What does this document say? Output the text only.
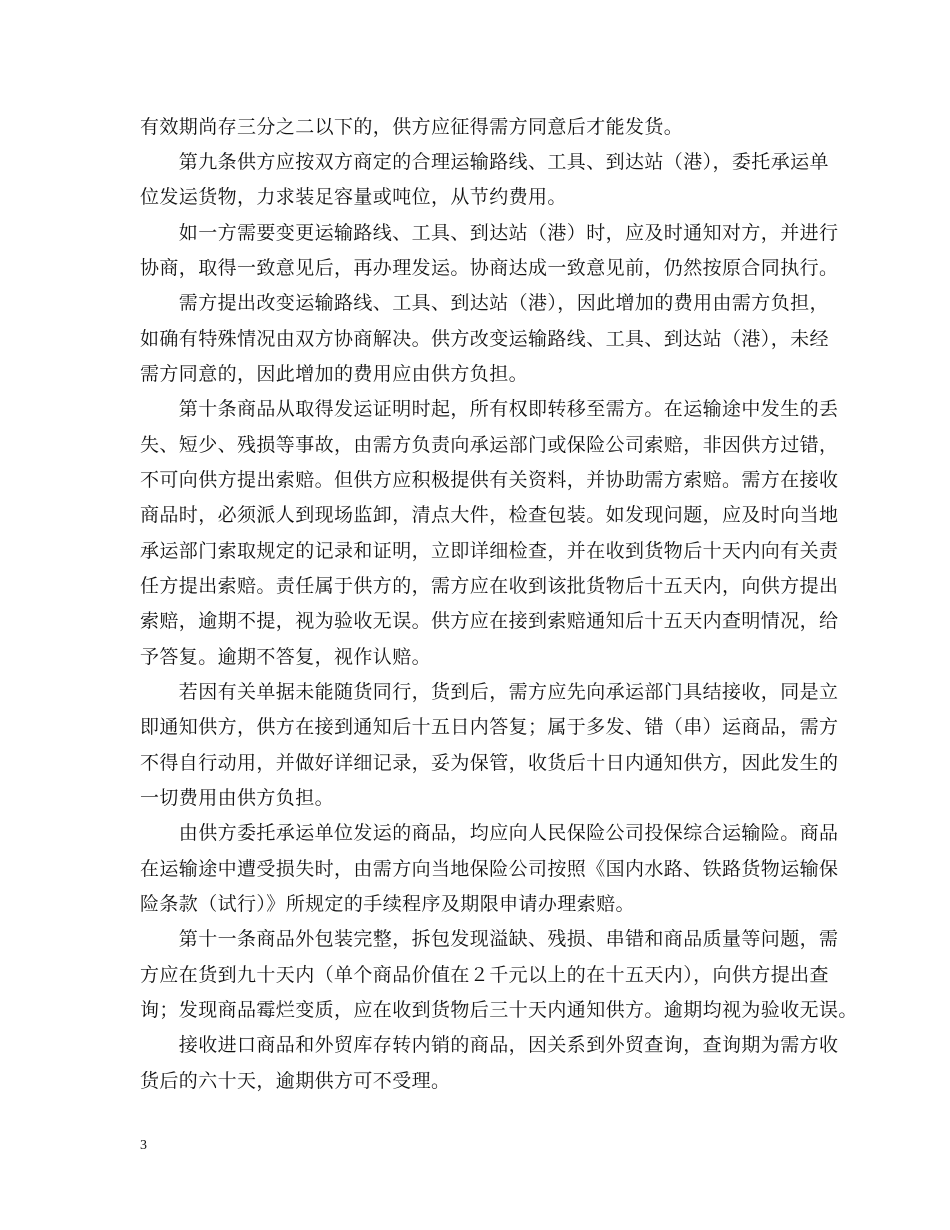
有效期尚存三分之二以下的，供方应征得需方同意后才能发货。
　　第九条供方应按双方商定的合理运输路线、工具、到达站（港），委托承运单
位发运货物，力求装足容量或吨位，从节约费用。
　　如一方需要变更运输路线、工具、到达站（港）时，应及时通知对方，并进行
协商，取得一致意见后，再办理发运。协商达成一致意见前，仍然按原合同执行。
　　需方提出改变运输路线、工具、到达站（港），因此增加的费用由需方负担，
如确有特殊情况由双方协商解决。供方改变运输路线、工具、到达站（港），未经
需方同意的，因此增加的费用应由供方负担。
　　第十条商品从取得发运证明时起，所有权即转移至需方。在运输途中发生的丢
失、短少、残损等事故，由需方负责向承运部门或保险公司索赔，非因供方过错，
不可向供方提出索赔。但供方应积极提供有关资料，并协助需方索赔。需方在接收
商品时，必须派人到现场监卸，清点大件，检查包装。如发现问题，应及时向当地
承运部门索取规定的记录和证明，立即详细检查，并在收到货物后十天内向有关责
任方提出索赔。责任属于供方的，需方应在收到该批货物后十五天内，向供方提出
索赔，逾期不提，视为验收无误。供方应在接到索赔通知后十五天内查明情况，给
予答复。逾期不答复，视作认赔。
　　若因有关单据未能随货同行，货到后，需方应先向承运部门具结接收，同是立
即通知供方，供方在接到通知后十五日内答复；属于多发、错（串）运商品，需方
不得自行动用，并做好详细记录，妥为保管，收货后十日内通知供方，因此发生的
一切费用由供方负担。
　　由供方委托承运单位发运的商品，均应向人民保险公司投保综合运输险。商品
在运输途中遭受损失时，由需方向当地保险公司按照《国内水路、铁路货物运输保
险条款（试行）》所规定的手续程序及期限申请办理索赔。
　　第十一条商品外包装完整，拆包发现溢缺、残损、串错和商品质量等问题，需
方应在货到九十天内（单个商品价值在２千元以上的在十五天内），向供方提出查
询；发现商品霉烂变质，应在收到货物后三十天内通知供方。逾期均视为验收无误。
　　接收进口商品和外贸库存转内销的商品，因关系到外贸查询，查询期为需方收
货后的六十天，逾期供方可不受理。
3
